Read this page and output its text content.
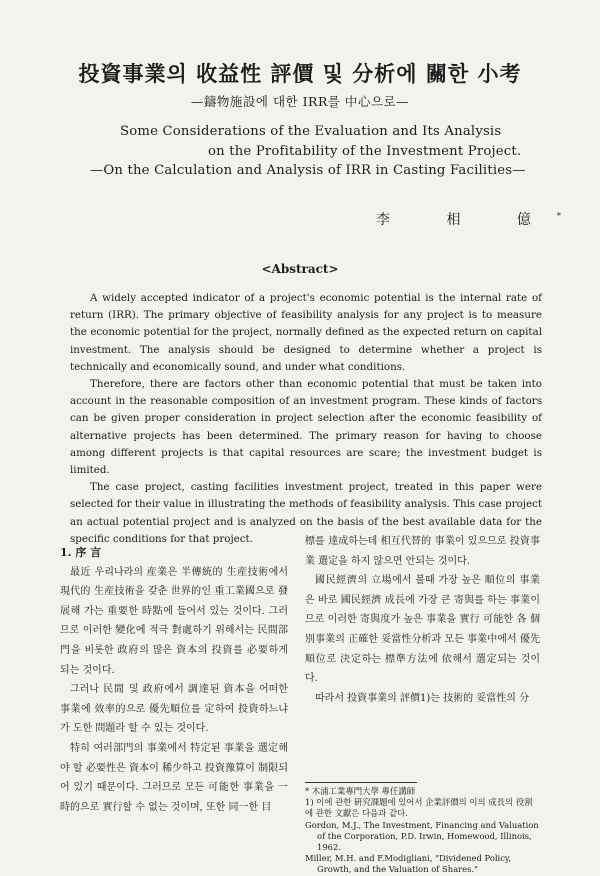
投資事業의 收益性 評價 및 分析에 關한 小考
—鑄物施設에 대한 IRR를 中心으로—
Some Considerations of the Evaluation and Its Analysis
on the Profitability of the Investment Project.
—On the Calculation and Analysis of IRR in Casting Facilities—
李 相 億*
<Abstract>

A widely accepted indicator of a project's economic potential is the internal rate of return (IRR). The primary objective of feasibility analysis for any project is to measure the economic potential for the project, normally defined as the expected return on capital investment. The analysis should be designed to determine whether a project is technically and economically sound, and under what conditions.

Therefore, there are factors other than economic potential that must be taken into account in the reasonable composition of an investment program. These kinds of factors can be given proper consideration in project selection after the economic feasibility of alternative projects has been determined. The primary reason for having to choose among different projects is that capital resources are scare; the investment budget is limited.

The case project, casting facilities investment project, treated in this paper were selected for their value in illustrating the methods of feasibility analysis. This case project an actual potential project and is analyzed on the basis of the best available data for the specific conditions for that project.

1. 序 言

最近 우리나라의 産業은 半傳統的 生産技術에서 現代的 生産技術을 갖춘 世界的인 重工業國으로 發展해 가는 重要한 時點에 들어서 있는 것이다. 그러므로 이러한 變化에 적극 對處하기 위해서는 民間部門을 비롯한 政府의 많은 資本의 投資를 必要하게 되는 것이다.

그러나 民間 및 政府에서 調達된 資本을 어떠한 事業에 效率的으로 優先順位를 定하여 投資하느냐가 도한 問題라 할 수 있는 것이다.

特히 여러部門의 事業에서 特定된 事業을 選定해야 할 必要性은 資本이 稀少하고 投資豫算이 制限되어 있기 때문이다. 그러므로 모든 可能한 事業을 一時的으로 實行할 수 없는 것이며, 또한 同一한 目

標를 達成하는데 相互代替的 事業이 있으므로 投資事業 選定을 하지 않으면 안되는 것이다.

國民經濟의 立場에서 볼때 가장 높은 順位의 事業은 바로 國民經濟 成長에 가장 큰 寄與를 하는 事業이므로 이러한 寄與度가 높은 事業을 實行 可能한 各 個別事業의 正確한 妥當性分析과 모든 事業中에서 優先順位로 決定하는 標準方法에 依해서 選定되는 것이다.

따라서 投資事業의 評價1)는 技術的 妥當性의 分

* 木浦工業專門大學 專任講師

1) 이에 관한 硏究課題에 있어서 企業評價의 이의 成長의 役割에 관한 文獻은 다음과 같다.

Gordon, M.J., The Investment, Financing and Valuation of the Corporation, P.D. Irwin, Homewood, Illinois, 1962.

Miller, M.H. and F.Modigliani, "Dividened Policy, Growth, and the Valuation of Shares."
